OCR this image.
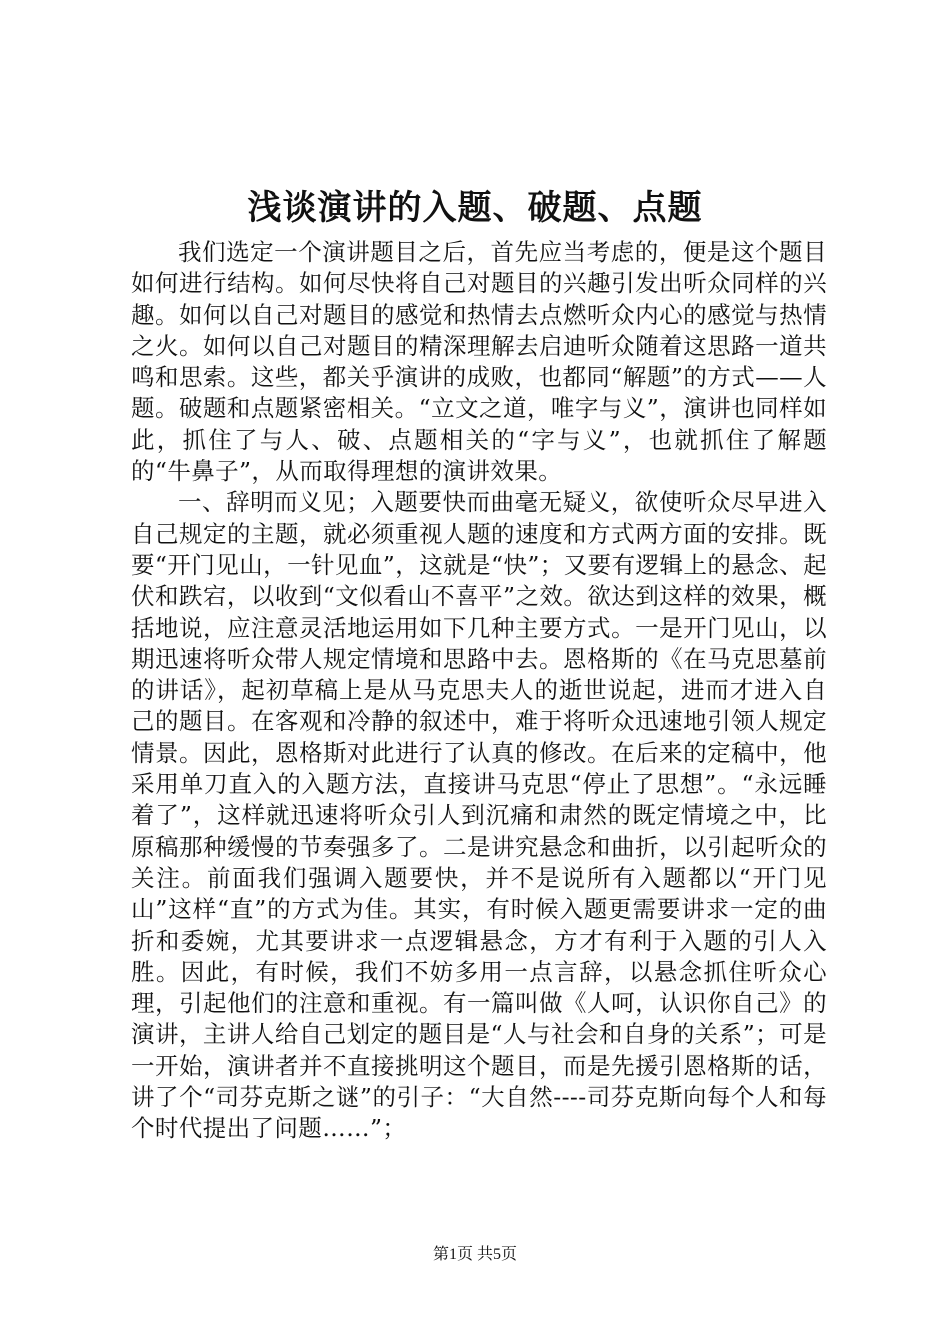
浅谈演讲的入题、破题、点题

我们选定一个演讲题目之后，首先应当考虑的，便是这个题目如何进行结构。如何尽快将自己对题目的兴趣引发出听众同样的兴趣。如何以自己对题目的感觉和热情去点燃听众内心的感觉与热情之火。如何以自己对题目的精深理解去启迪听众随着这思路一道共鸣和思索。这些，都关乎演讲的成败，也都同“解题”的方式——人题。破题和点题紧密相关。“立文之道，唯字与义”，演讲也同样如此，抓住了与人、破、点题相关的“字与义”，也就抓住了解题的“牛鼻子”，从而取得理想的演讲效果。

一、辞明而义见；入题要快而曲毫无疑义，欲使听众尽早进入自己规定的主题，就必须重视人题的速度和方式两方面的安排。既要“开门见山，一针见血”，这就是“快”；又要有逻辑上的悬念、起伏和跌宕，以收到“文似看山不喜平”之效。欲达到这样的效果，概括地说，应注意灵活地运用如下几种主要方式。一是开门见山，以期迅速将听众带人规定情境和思路中去。恩格斯的《在马克思墓前的讲话》，起初草稿上是从马克思夫人的逝世说起，进而才进入自己的题目。在客观和冷静的叙述中，难于将听众迅速地引领人规定情景。因此，恩格斯对此进行了认真的修改。在后来的定稿中，他采用单刀直入的入题方法，直接讲马克思“停止了思想”。“永远睡着了”，这样就迅速将听众引人到沉痛和肃然的既定情境之中，比原稿那种缓慢的节奏强多了。二是讲究悬念和曲折，以引起听众的关注。前面我们强调入题要快，并不是说所有入题都以“开门见山”这样“直”的方式为佳。其实，有时候入题更需要讲求一定的曲折和委婉，尤其要讲求一点逻辑悬念，方才有利于入题的引人入胜。因此，有时候，我们不妨多用一点言辞，以悬念抓住听众心理，引起他们的注意和重视。有一篇叫做《人呵，认识你自己》的演讲，主讲人给自己划定的题目是“人与社会和自身的关系”；可是一开始，演讲者并不直接挑明这个题目，而是先援引恩格斯的话，讲了个“司芬克斯之谜”的引子：“大自然----司芬克斯向每个人和每个时代提出了问题……”；

第1页 共5页
